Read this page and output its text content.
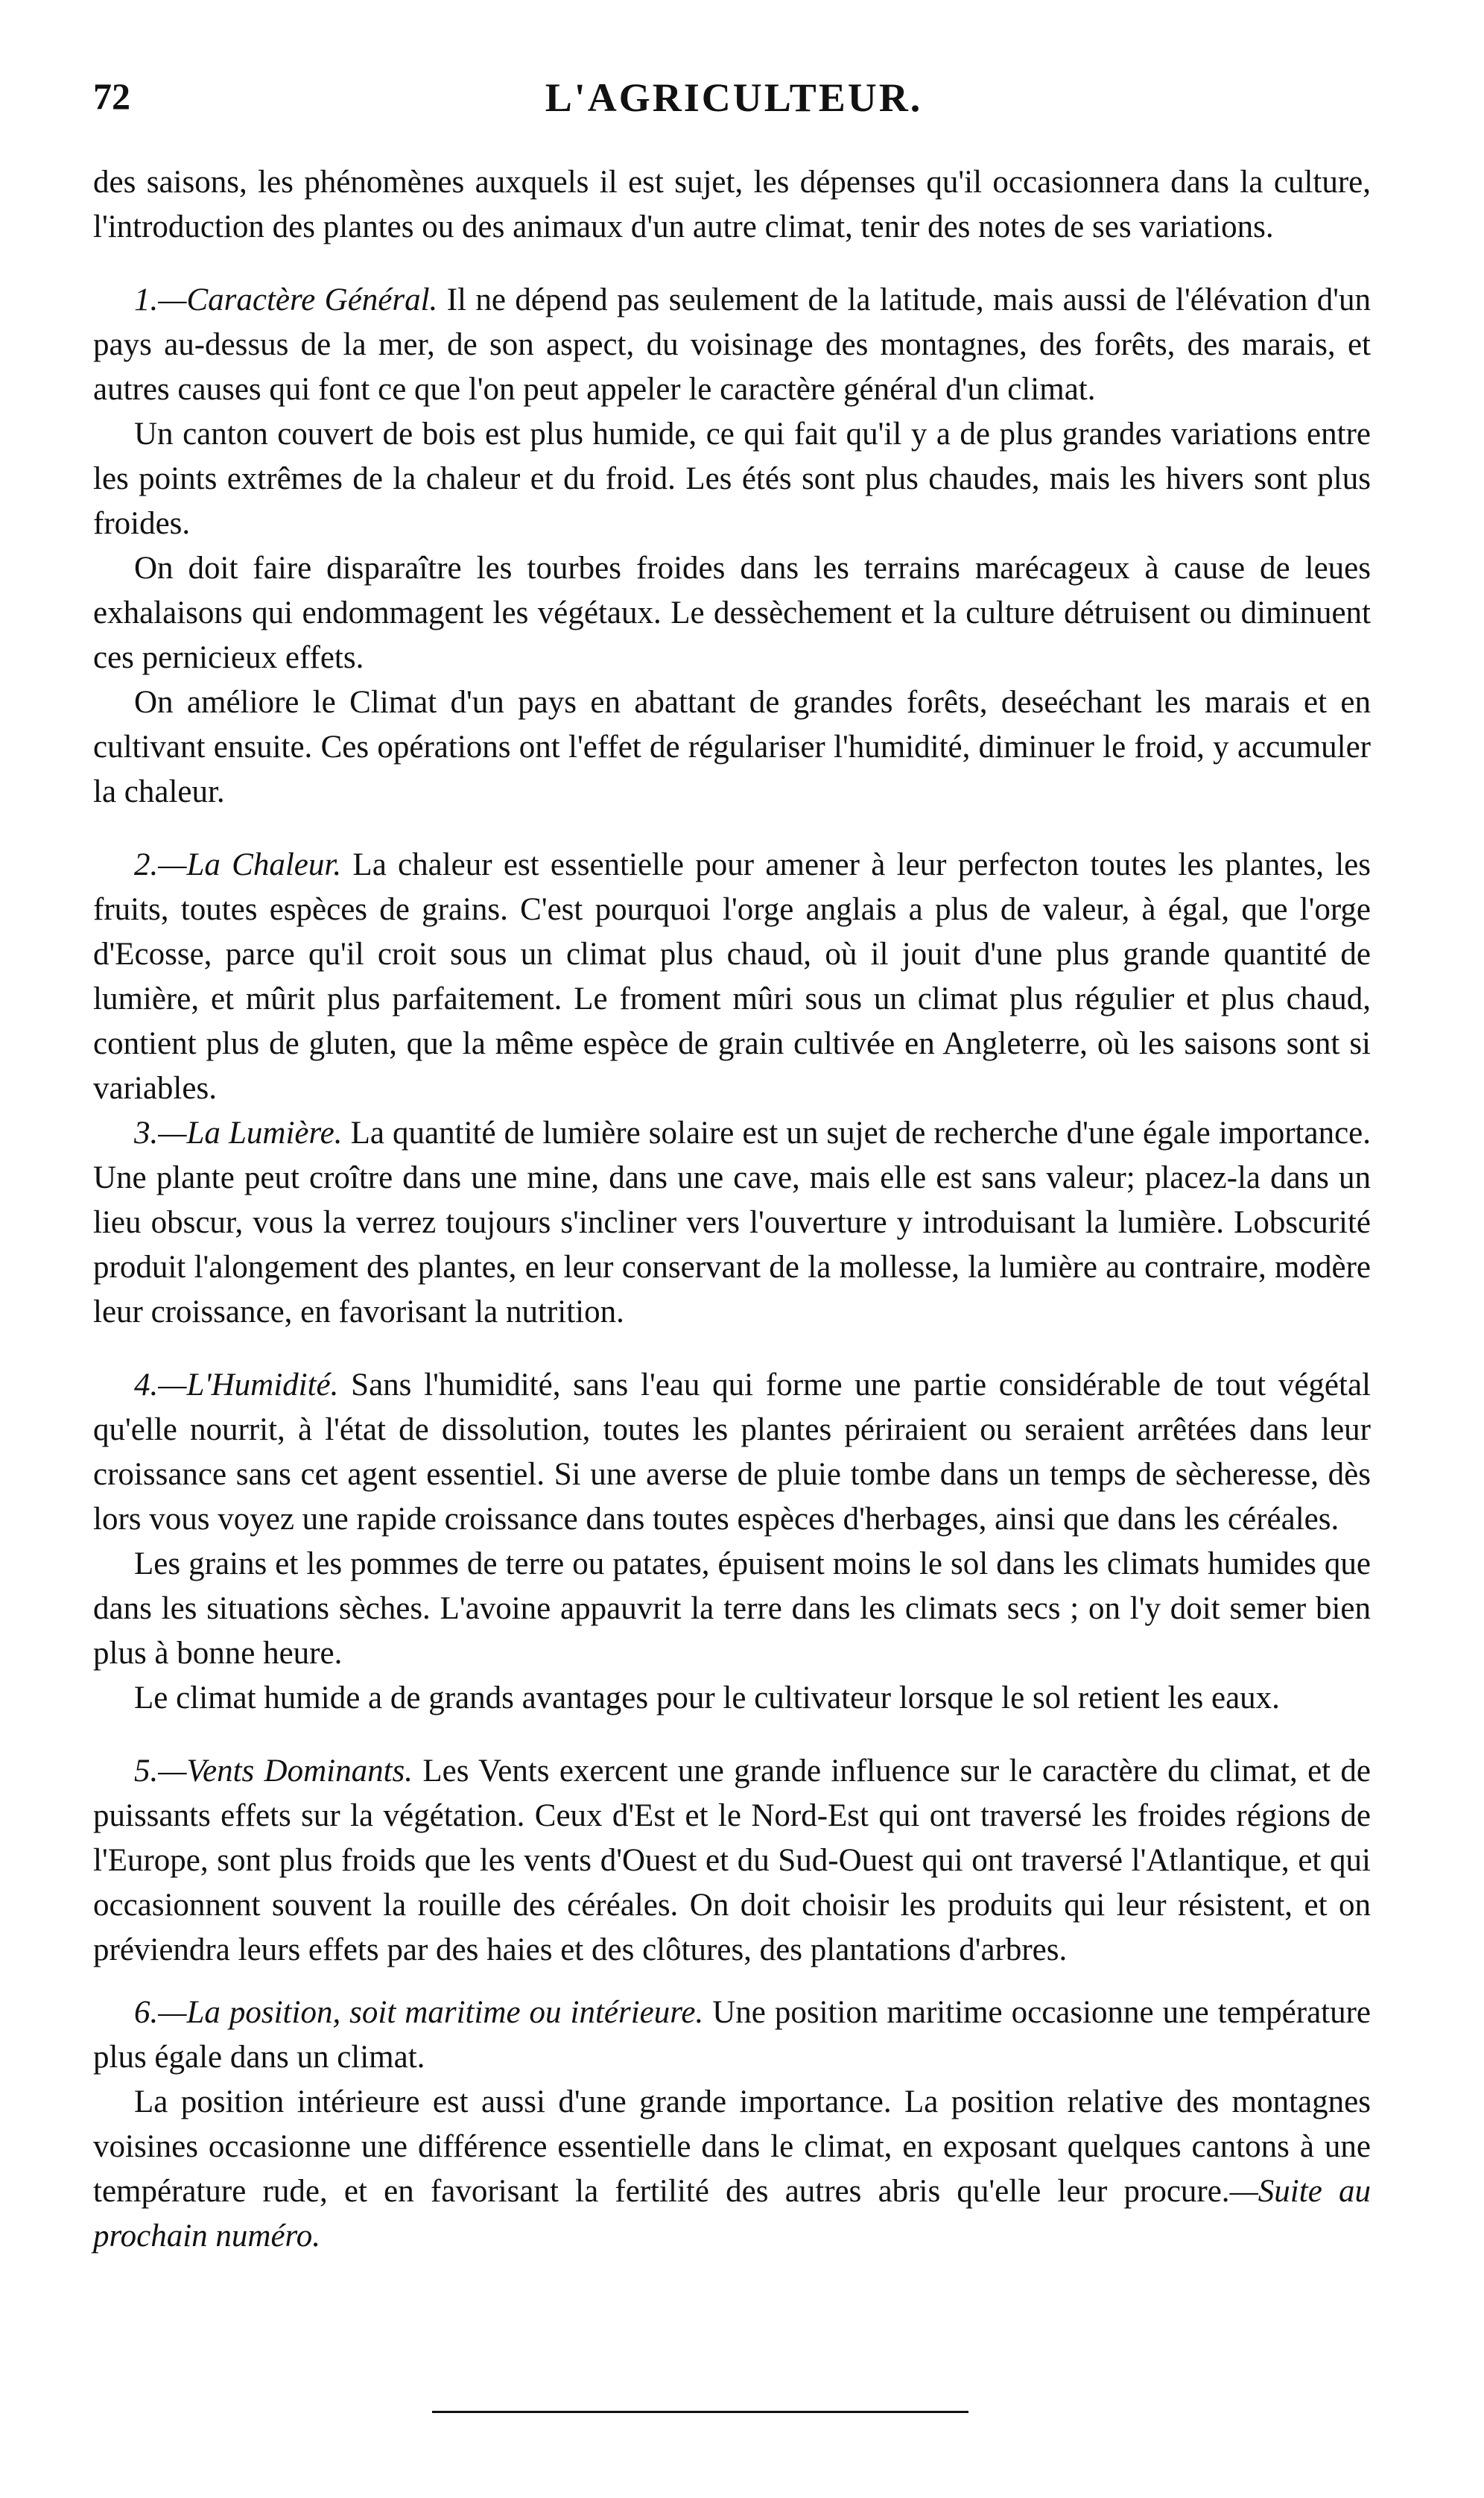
72	L'AGRICULTEUR.

des saisons, les phénomènes auxquels il est sujet, les dépenses qu'il occasionnera dans la culture, l'introduction des plantes ou des animaux d'un autre climat, tenir des notes de ses variations.

1.—Caractère Général. Il ne dépend pas seulement de la latitude, mais aussi de l'élévation d'un pays au-dessus de la mer, de son aspect, du voisinage des montagnes, des forêts, des marais, et autres causes qui font ce que l'on peut appeler le caractère général d'un climat.

Un canton couvert de bois est plus humide, ce qui fait qu'il y a de plus grandes variations entre les points extrêmes de la chaleur et du froid. Les étés sont plus chaudes, mais les hivers sont plus froides.

On doit faire disparaître les tourbes froides dans les terrains marécageux à cause de leues exhalaisons qui endommagent les végétaux. Le dessèchement et la culture détruisent ou diminuent ces pernicieux effets.

On améliore le Climat d'un pays en abattant de grandes forêts, deseéchant les marais et en cultivant ensuite. Ces opérations ont l'effet de régulariser l'humidité, diminuer le froid, y accumuler la chaleur.

2.—La Chaleur. La chaleur est essentielle pour amener à leur perfecton toutes les plantes, les fruits, toutes espèces de grains. C'est pourquoi l'orge anglais a plus de valeur, à égal, que l'orge d'Ecosse, parce qu'il croit sous un climat plus chaud, où il jouit d'une plus grande quantité de lumière, et mûrit plus parfaitement. Le froment mûri sous un climat plus régulier et plus chaud, contient plus de gluten, que la même espèce de grain cultivée en Angleterre, où les saisons sont si variables.

3.—La Lumière. La quantité de lumière solaire est un sujet de recherche d'une égale importance. Une plante peut croître dans une mine, dans une cave, mais elle est sans valeur; placez-la dans un lieu obscur, vous la verrez toujours s'incliner vers l'ouverture y introduisant la lumière. Lobscurité produit l'alongement des plantes, en leur conservant de la mollesse, la lumière au contraire, modère leur croissance, en favorisant la nutrition.

4.—L'Humidité. Sans l'humidité, sans l'eau qui forme une partie considérable de tout végétal qu'elle nourrit, à l'état de dissolution, toutes les plantes périraient ou seraient arrêtées dans leur croissance sans cet agent essentiel. Si une averse de pluie tombe dans un temps de sècheresse, dès lors vous voyez une rapide croissance dans toutes espèces d'herbages, ainsi que dans les céréales.

Les grains et les pommes de terre ou patates, épuisent moins le sol dans les climats humides que dans les situations sèches. L'avoine appauvrit la terre dans les climats secs ; on l'y doit semer bien plus à bonne heure.

Le climat humide a de grands avantages pour le cultivateur lorsque le sol retient les eaux.

5.—Vents Dominants. Les Vents exercent une grande influence sur le caractère du climat, et de puissants effets sur la végétation. Ceux d'Est et le Nord-Est qui ont traversé les froides régions de l'Europe, sont plus froids que les vents d'Ouest et du Sud-Ouest qui ont traversé l'Atlantique, et qui occasionnent souvent la rouille des céréales. On doit choisir les produits qui leur résistent, et on préviendra leurs effets par des haies et des clôtures, des plantations d'arbres.

6.—La position, soit maritime ou intérieure. Une position maritime occasionne une température plus égale dans un climat.

La position intérieure est aussi d'une grande importance. La position relative des montagnes voisines occasionne une différence essentielle dans le climat, en exposant quelques cantons à une température rude, et en favorisant la fertilité des autres abris qu'elle leur procure.—Suite au prochain numéro.
